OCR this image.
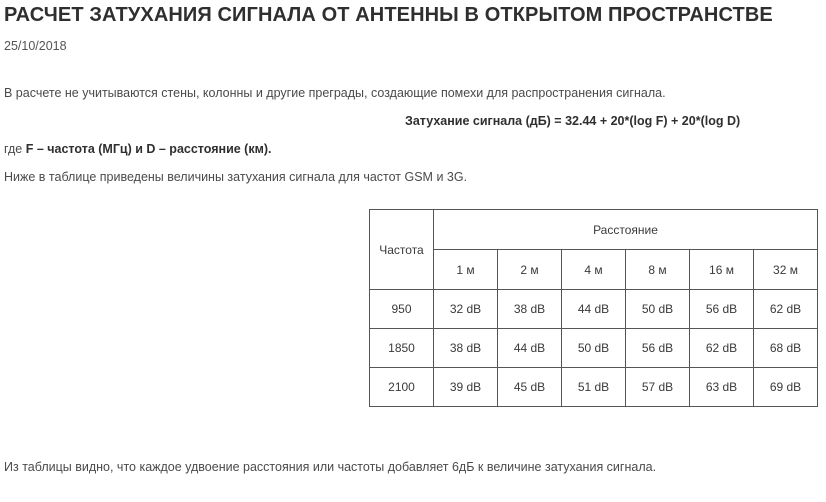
РАСЧЕТ ЗАТУХАНИЯ СИГНАЛА ОТ АНТЕННЫ В ОТКРЫТОМ ПРОСТРАНСТВЕ
25/10/2018
В расчете не учитываются стены, колонны и другие преграды, создающие помехи для распространения сигнала.
Затухание сигнала (дБ) = 32.44 + 20*(log F) + 20*(log D)
где F – частота (МГц) и D – расстояние (км).
Ниже в таблице приведены величины затухания сигнала для частот GSM и 3G.
Частота	Расстояние					
	1 м	2 м	4 м	8 м	16 м	32 м
950	32 dB	38 dB	44 dB	50 dB	56 dB	62 dB
1850	38 dB	44 dB	50 dB	56 dB	62 dB	68 dB
2100	39 dB	45 dB	51 dB	57 dB	63 dB	69 dB
Из таблицы видно, что каждое удвоение расстояния или частоты добавляет 6дБ к величине затухания сигнала.
